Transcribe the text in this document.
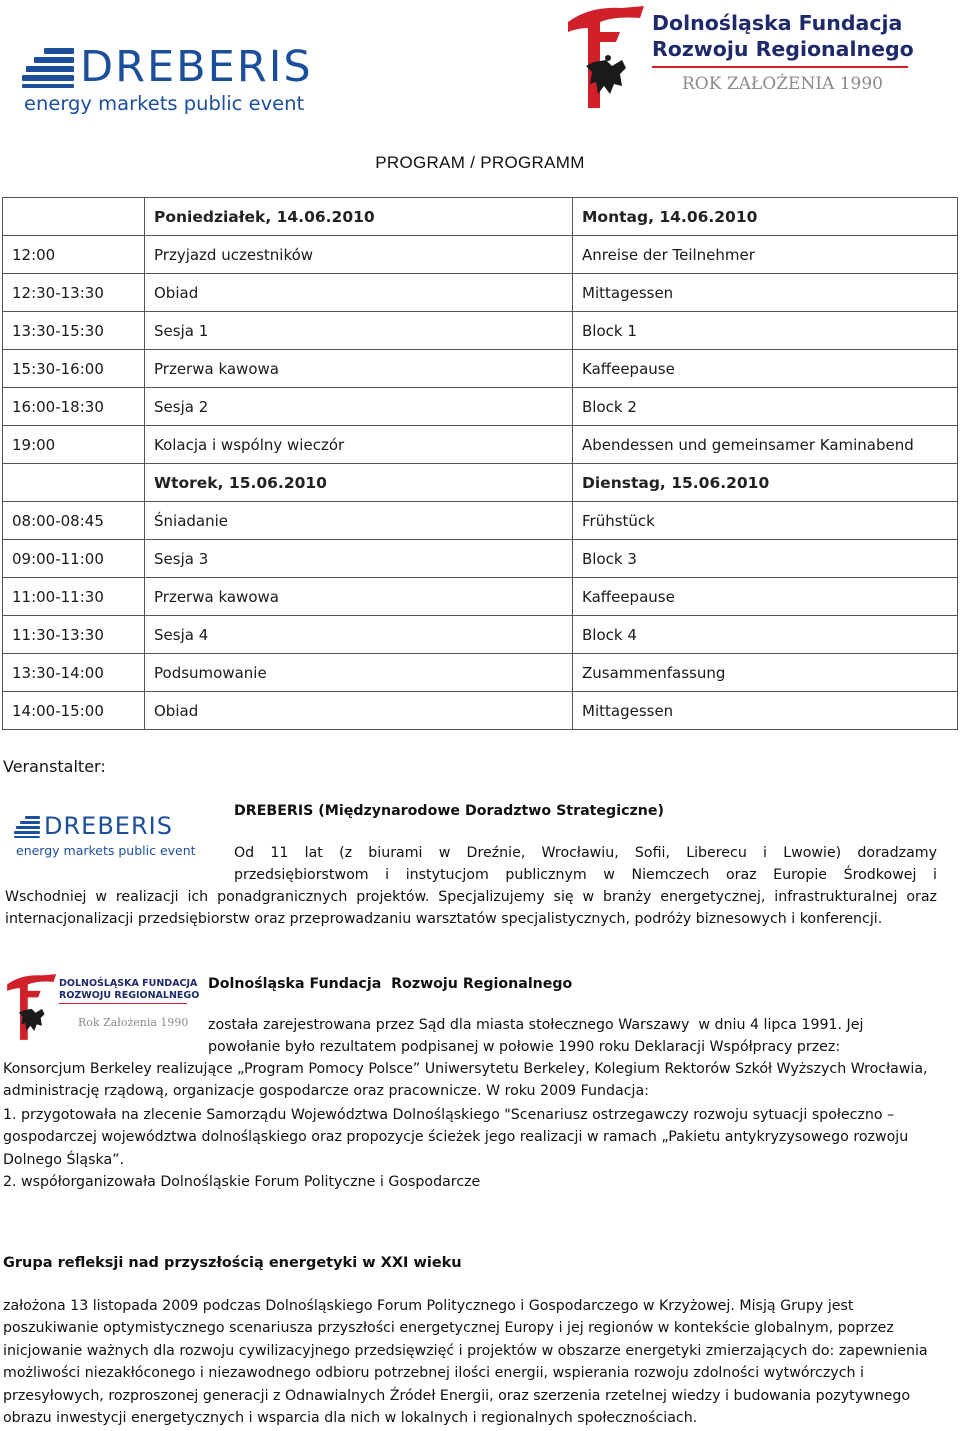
DREBERIS
energy markets public event
Dolnośląska Fundacja
Rozwoju Regionalnego
ROK ZAŁOŻENIA 1990
PROGRAM / PROGRAMM
	Poniedziałek, 14.06.2010	Montag, 14.06.2010
12:00	Przyjazd uczestników	Anreise der Teilnehmer
12:30-13:30	Obiad	Mittagessen
13:30-15:30	Sesja 1	Block 1
15:30-16:00	Przerwa kawowa	Kaffeepause
16:00-18:30	Sesja 2	Block 2
19:00	Kolacja i wspólny wieczór	Abendessen und gemeinsamer Kaminabend
	Wtorek, 15.06.2010	Dienstag, 15.06.2010
08:00-08:45	Śniadanie	Frühstück
09:00-11:00	Sesja 3	Block 3
11:00-11:30	Przerwa kawowa	Kaffeepause
11:30-13:30	Sesja 4	Block 4
13:30-14:00	Podsumowanie	Zusammenfassung
14:00-15:00	Obiad	Mittagessen
Veranstalter:
DREBERIS
energy markets public event
DREBERIS (Międzynarodowe Doradztwo Strategiczne)
Od 11 lat (z biurami w Dreźnie, Wrocławiu, Sofii, Liberecu i Lwowie) doradzamy
przedsiębiorstwom i instytucjom publicznym w Niemczech oraz Europie Środkowej i
Wschodniej w realizacji ich ponadgranicznych projektów. Specjalizujemy się w branży energetycznej, infrastrukturalnej oraz internacjonalizacji przedsiębiorstw oraz przeprowadzaniu warsztatów specjalistycznych, podróży biznesowych i konferencji.
DOLNOŚLĄSKA FUNDACJA
ROZWOJU REGIONALNEGO
Rok Założenia 1990
Dolnośląska Fundacja  Rozwoju Regionalnego
została zarejestrowana przez Sąd dla miasta stołecznego Warszawy  w dniu 4 lipca 1991. Jej
powołanie było rezultatem podpisanej w połowie 1990 roku Deklaracji Współpracy przez:
Konsorcjum Berkeley realizujące „Program Pomocy Polsce” Uniwersytetu Berkeley, Kolegium Rektorów Szkół Wyższych Wrocławia, administrację rządową, organizacje gospodarcze oraz pracownicze. W roku 2009 Fundacja:
1. przygotowała na zlecenie Samorządu Województwa Dolnośląskiego "Scenariusz ostrzegawczy rozwoju sytuacji społeczno – gospodarczej województwa dolnośląskiego oraz propozycje ścieżek jego realizacji w ramach „Pakietu antykryzysowego rozwoju Dolnego Śląska”.
2. współorganizowała Dolnośląskie Forum Polityczne i Gospodarcze
Grupa refleksji nad przyszłością energetyki w XXI wieku
założona 13 listopada 2009 podczas Dolnośląskiego Forum Politycznego i Gospodarczego w Krzyżowej. Misją Grupy jest poszukiwanie optymistycznego scenariusza przyszłości energetycznej Europy i jej regionów w kontekście globalnym, poprzez inicjowanie ważnych dla rozwoju cywilizacyjnego przedsięwzięć i projektów w obszarze energetyki zmierzających do: zapewnienia możliwości niezakłóconego i niezawodnego odbioru potrzebnej ilości energii, wspierania rozwoju zdolności wytwórczych i przesyłowych, rozproszonej generacji z Odnawialnych Źródeł Energii, oraz szerzenia rzetelnej wiedzy i budowania pozytywnego obrazu inwestycji energetycznych i wsparcia dla nich w lokalnych i regionalnych społecznościach.
